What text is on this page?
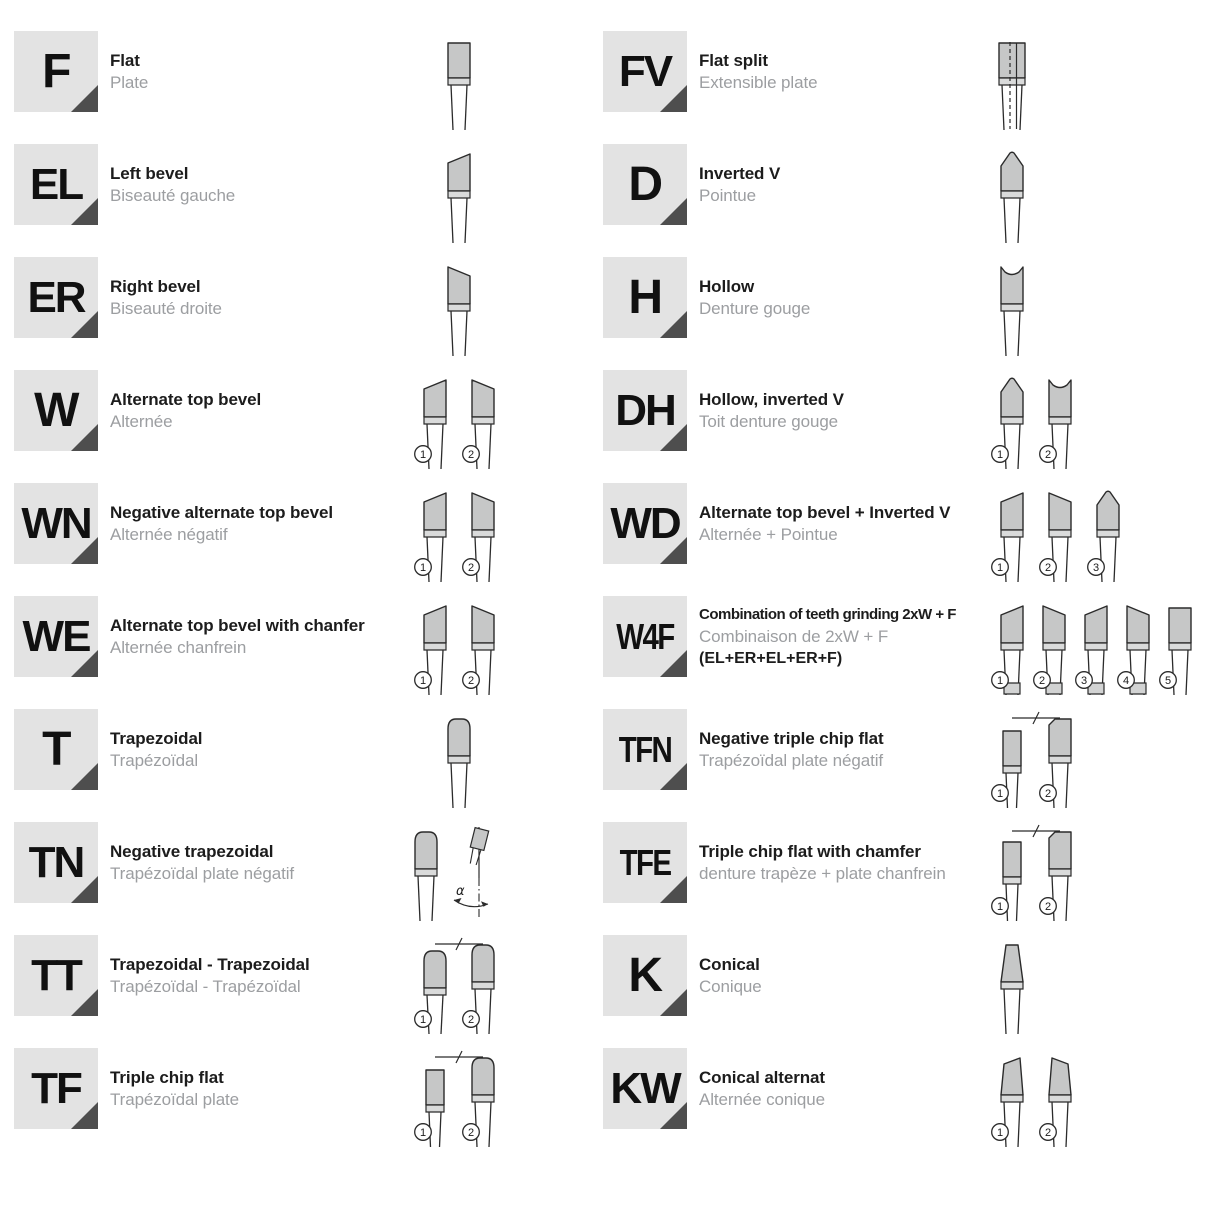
F Flat
Plate
EL Left bevel
Biseauté gauche
ER Right bevel
Biseauté droite
W Alternate top bevel
Alternée
1	2
WN Negative alternate top bevel
Alternée négatif
1	2
WE Alternate top bevel with chanfer
Alternée chanfrein
1	2
T Trapezoidal
Trapézoïdal
TN Negative trapezoidal
Trapézoïdal plate négatif
α
TT Trapezoidal - Trapezoidal
Trapézoïdal - Trapézoïdal
1	2
TF Triple chip flat
Trapézoïdal plate
1	2
FV Flat split
Extensible plate
D Inverted V
Pointue
H Hollow
Denture gouge
DH Hollow, inverted V
Toit denture gouge
1	2
WD Alternate top bevel + Inverted V
Alternée + Pointue
1	2	3
W4F
Combination of teeth grinding 2xW + F
Combinaison de 2xW + F
(EL+ER+EL+ER+F)
1	2	3	4	5
TFN Negative triple chip flat
Trapézoïdal plate négatif
1	2
TFE Triple chip flat with chamfer
denture trapèze + plate chanfrein
1	2
K Conical
Conique
KW Conical alternat
Alternée conique
1	2
